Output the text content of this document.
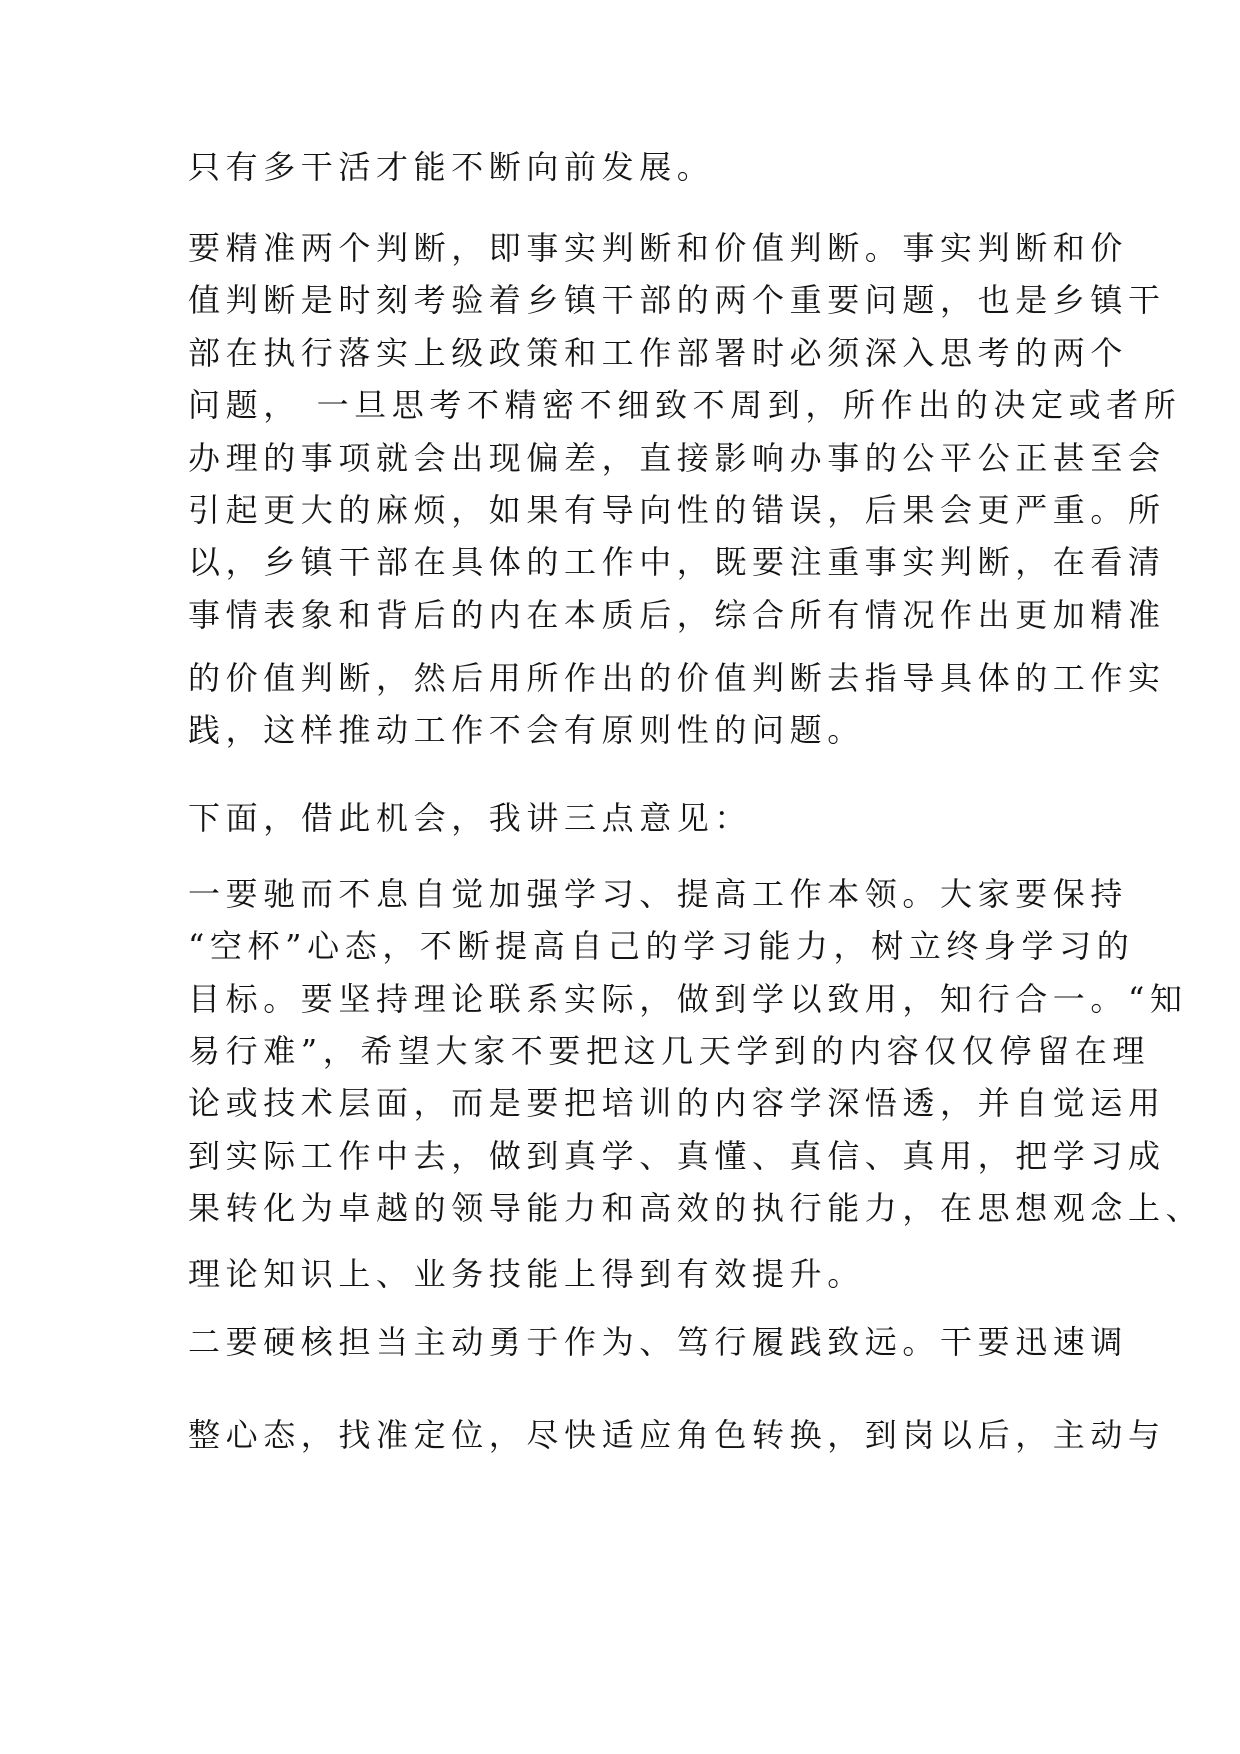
只有多干活才能不断向前发展。
要精准两个判断，即事实判断和价值判断。事实判断和价
值判断是时刻考验着乡镇干部的两个重要问题，也是乡镇干
部在执行落实上级政策和工作部署时必须深入思考的两个
问题， 一旦思考不精密不细致不周到，所作出的决定或者所
办理的事项就会出现偏差，直接影响办事的公平公正甚至会
引起更大的麻烦，如果有导向性的错误，后果会更严重。所
以，乡镇干部在具体的工作中，既要注重事实判断，在看清
事情表象和背后的内在本质后，综合所有情况作出更加精准
的价值判断，然后用所作出的价值判断去指导具体的工作实
践，这样推动工作不会有原则性的问题。
下面，借此机会，我讲三点意见：
一要驰而不息自觉加强学习、提高工作本领。大家要保持
“空杯”心态，不断提高自己的学习能力，树立终身学习的
目标。要坚持理论联系实际，做到学以致用，知行合一。“知
易行难”，希望大家不要把这几天学到的内容仅仅停留在理
论或技术层面，而是要把培训的内容学深悟透，并自觉运用
到实际工作中去，做到真学、真懂、真信、真用，把学习成
果转化为卓越的领导能力和高效的执行能力，在思想观念上、
理论知识上、业务技能上得到有效提升。
二要硬核担当主动勇于作为、笃行履践致远。干要迅速调
整心态，找准定位，尽快适应角色转换，到岗以后，主动与
